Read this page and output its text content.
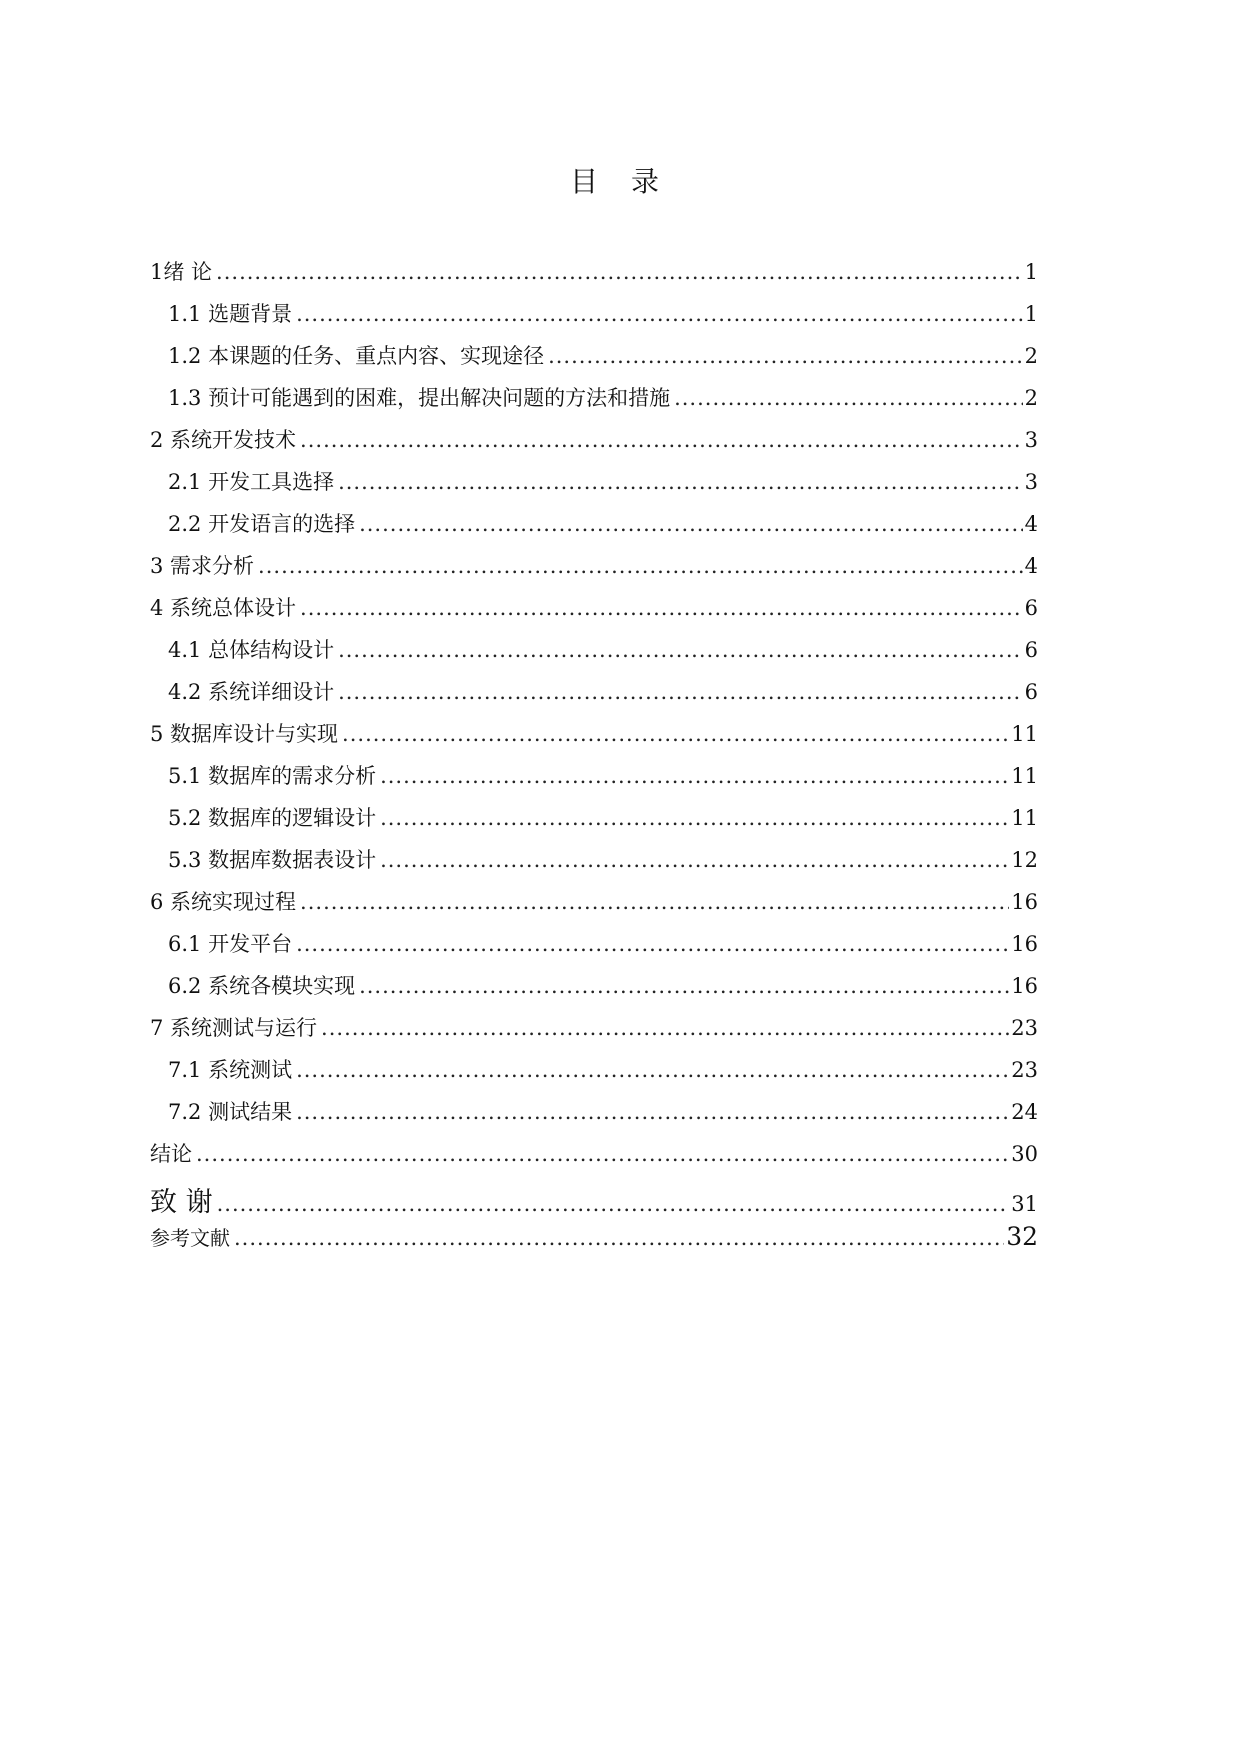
目 录
1绪 论 .....	1
1.1 选题背景 .....	1
1.2 本课题的任务、重点内容、实现途径 .....	2
1.3 预计可能遇到的困难，提出解决问题的方法和措施 .....	2
2 系统开发技术 .....	3
2.1 开发工具选择 .....	3
2.2 开发语言的选择 .....	4
3 需求分析 .....	4
4 系统总体设计 .....	6
4.1 总体结构设计 .....	6
4.2 系统详细设计 .....	6
5 数据库设计与实现 .....	11
5.1 数据库的需求分析 .....	11
5.2 数据库的逻辑设计 .....	11
5.3 数据库数据表设计 .....	12
6 系统实现过程 .....	16
6.1 开发平台 .....	16
6.2 系统各模块实现 .....	16
7 系统测试与运行 .....	23
7.1 系统测试 .....	23
7.2 测试结果 .....	24
结论 .....	30
致 谢 .....	31
参考文献 .....	32
